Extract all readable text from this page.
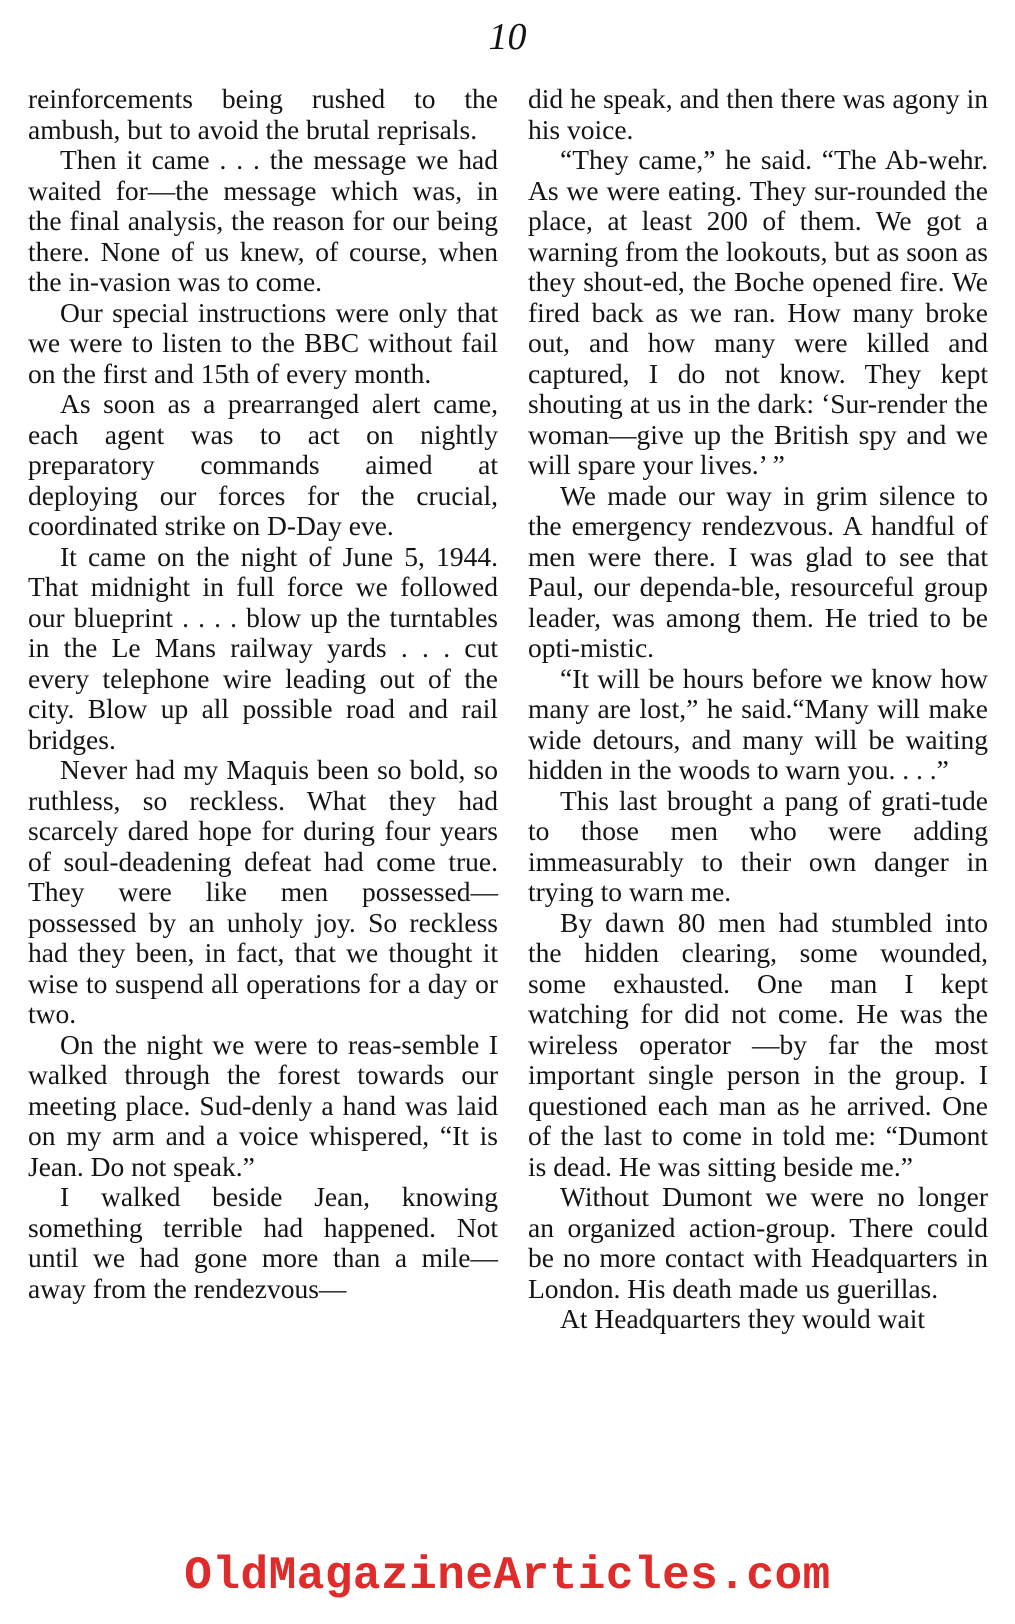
10

reinforcements being rushed to the ambush, but to avoid the brutal reprisals.

Then it came . . . the message we had waited for—the message which was, in the final analysis, the reason for our being there. None of us knew, of course, when the in-vasion was to come.

Our special instructions were only that we were to listen to the BBC without fail on the first and 15th of every month.

As soon as a prearranged alert came, each agent was to act on nightly preparatory commands aimed at deploying our forces for the crucial, coordinated strike on D-Day eve.

It came on the night of June 5, 1944. That midnight in full force we followed our blueprint . . . . blow up the turntables in the Le Mans railway yards . . . cut every telephone wire leading out of the city. Blow up all possible road and rail bridges.

Never had my Maquis been so bold, so ruthless, so reckless. What they had scarcely dared hope for during four years of soul-deadening defeat had come true. They were like men possessed—possessed by an unholy joy. So reckless had they been, in fact, that we thought it wise to suspend all operations for a day or two.

On the night we were to reas-semble I walked through the forest towards our meeting place. Sud-denly a hand was laid on my arm and a voice whispered, “It is Jean. Do not speak.”

I walked beside Jean, knowing something terrible had happened. Not until we had gone more than a mile—away from the rendezvous—

did he speak, and then there was agony in his voice.

“They came,” he said. “The Ab-wehr. As we were eating. They sur-rounded the place, at least 200 of them. We got a warning from the lookouts, but as soon as they shout-ed, the Boche opened fire. We fired back as we ran. How many broke out, and how many were killed and captured, I do not know. They kept shouting at us in the dark: ‘Sur-render the woman—give up the British spy and we will spare your lives.’ ”

We made our way in grim silence to the emergency rendezvous. A handful of men were there. I was glad to see that Paul, our dependa-ble, resourceful group leader, was among them. He tried to be opti-mistic.

“It will be hours before we know how many are lost,” he said.“Many will make wide detours, and many will be waiting hidden in the woods to warn you. . . .”

This last brought a pang of grati-tude to those men who were adding immeasurably to their own danger in trying to warn me.

By dawn 80 men had stumbled into the hidden clearing, some wounded, some exhausted. One man I kept watching for did not come. He was the wireless operator —by far the most important single person in the group. I questioned each man as he arrived. One of the last to come in told me: “Dumont is dead. He was sitting beside me.”

Without Dumont we were no longer an organized action-group. There could be no more contact with Headquarters in London. His death made us guerillas.

At Headquarters they would wait

OldMagazineArticles.com
